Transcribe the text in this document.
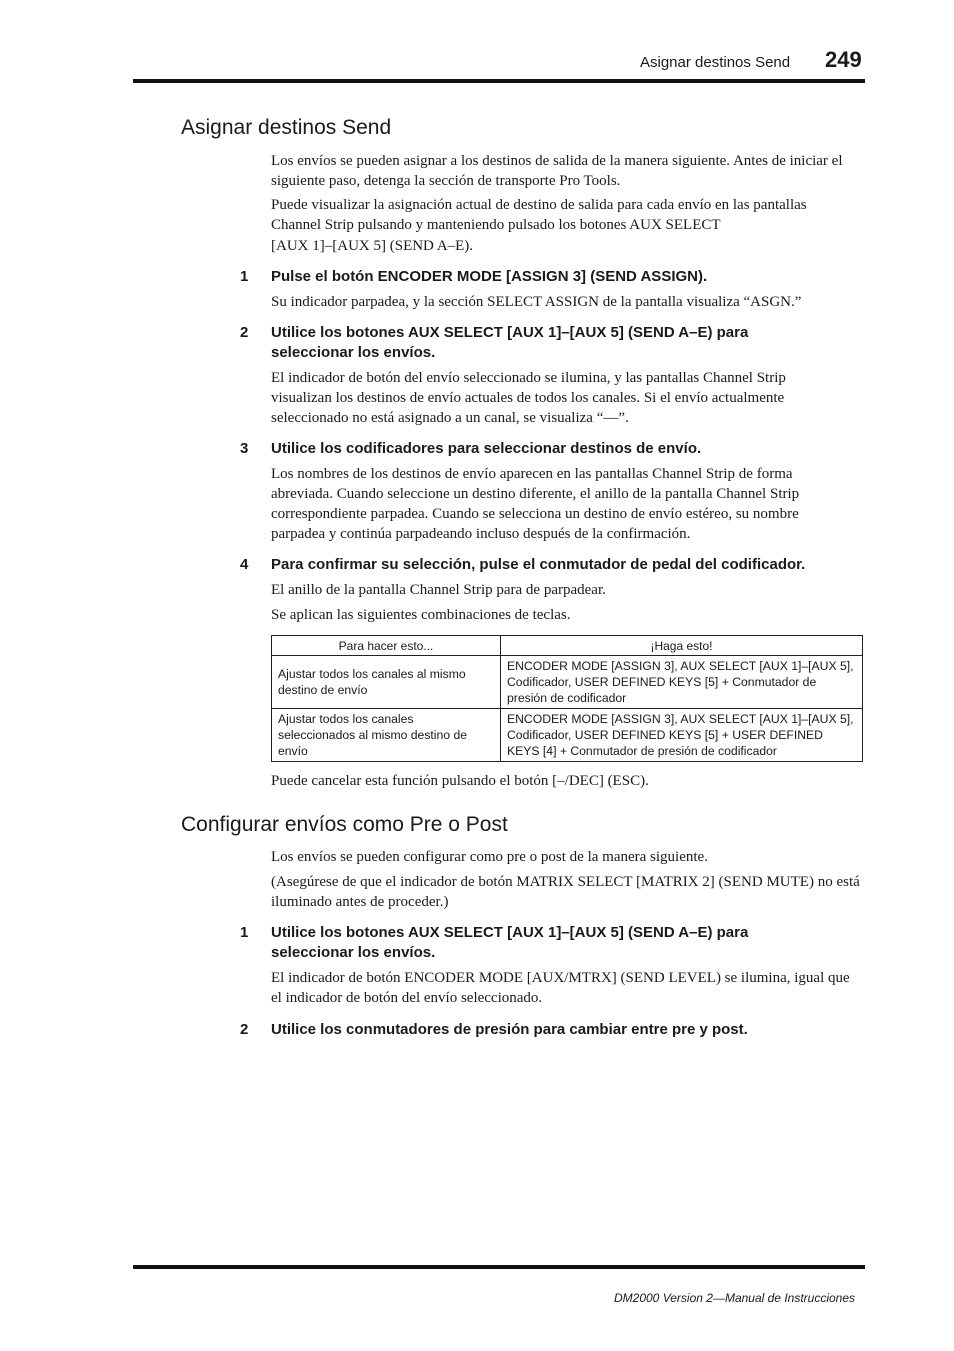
Asignar destinos Send 249
Asignar destinos Send

Los envíos se pueden asignar a los destinos de salida de la manera siguiente. Antes de iniciar el siguiente paso, detenga la sección de transporte Pro Tools.

Puede visualizar la asignación actual de destino de salida para cada envío en las pantallas Channel Strip pulsando y manteniendo pulsado los botones AUX SELECT

[AUX 1]–[AUX 5] (SEND A–E).

1 Pulse el botón ENCODER MODE [ASSIGN 3] (SEND ASSIGN).

Su indicador parpadea, y la sección SELECT ASSIGN de la pantalla visualiza “ASGN.”

2 Utilice los botones AUX SELECT [AUX 1]–[AUX 5] (SEND A–E) para seleccionar los envíos.

El indicador de botón del envío seleccionado se ilumina, y las pantallas Channel Strip visualizan los destinos de envío actuales de todos los canales. Si el envío actualmente seleccionado no está asignado a un canal, se visualiza “—”.

3 Utilice los codificadores para seleccionar destinos de envío.

Los nombres de los destinos de envío aparecen en las pantallas Channel Strip de forma abreviada. Cuando seleccione un destino diferente, el anillo de la pantalla Channel Strip correspondiente parpadea. Cuando se selecciona un destino de envío estéreo, su nombre parpadea y continúa parpadeando incluso después de la confirmación.

4 Para confirmar su selección, pulse el conmutador de pedal del codificador.

El anillo de la pantalla Channel Strip para de parpadear.

Se aplican las siguientes combinaciones de teclas.

Para hacer esto...	¡Haga esto!
Ajustar todos los canales al mismo destino de envío	ENCODER MODE [ASSIGN 3], AUX SELECT [AUX 1]–[AUX 5], Codificador, USER DEFINED KEYS [5] + Conmutador de presión de codificador
Ajustar todos los canales seleccionados al mismo destino de envío	ENCODER MODE [ASSIGN 3], AUX SELECT [AUX 1]–[AUX 5], Codificador, USER DEFINED KEYS [5] + USER DEFINED KEYS [4] + Conmutador de presión de codificador

Puede cancelar esta función pulsando el botón [–/DEC] (ESC).

Configurar envíos como Pre o Post

Los envíos se pueden configurar como pre o post de la manera siguiente.

(Asegúrese de que el indicador de botón MATRIX SELECT [MATRIX 2] (SEND MUTE) no está iluminado antes de proceder.)

1 Utilice los botones AUX SELECT [AUX 1]–[AUX 5] (SEND A–E) para seleccionar los envíos.

El indicador de botón ENCODER MODE [AUX/MTRX] (SEND LEVEL) se ilumina, igual que el indicador de botón del envío seleccionado.

2 Utilice los conmutadores de presión para cambiar entre pre y post.

DM2000 Version 2—Manual de Instrucciones
